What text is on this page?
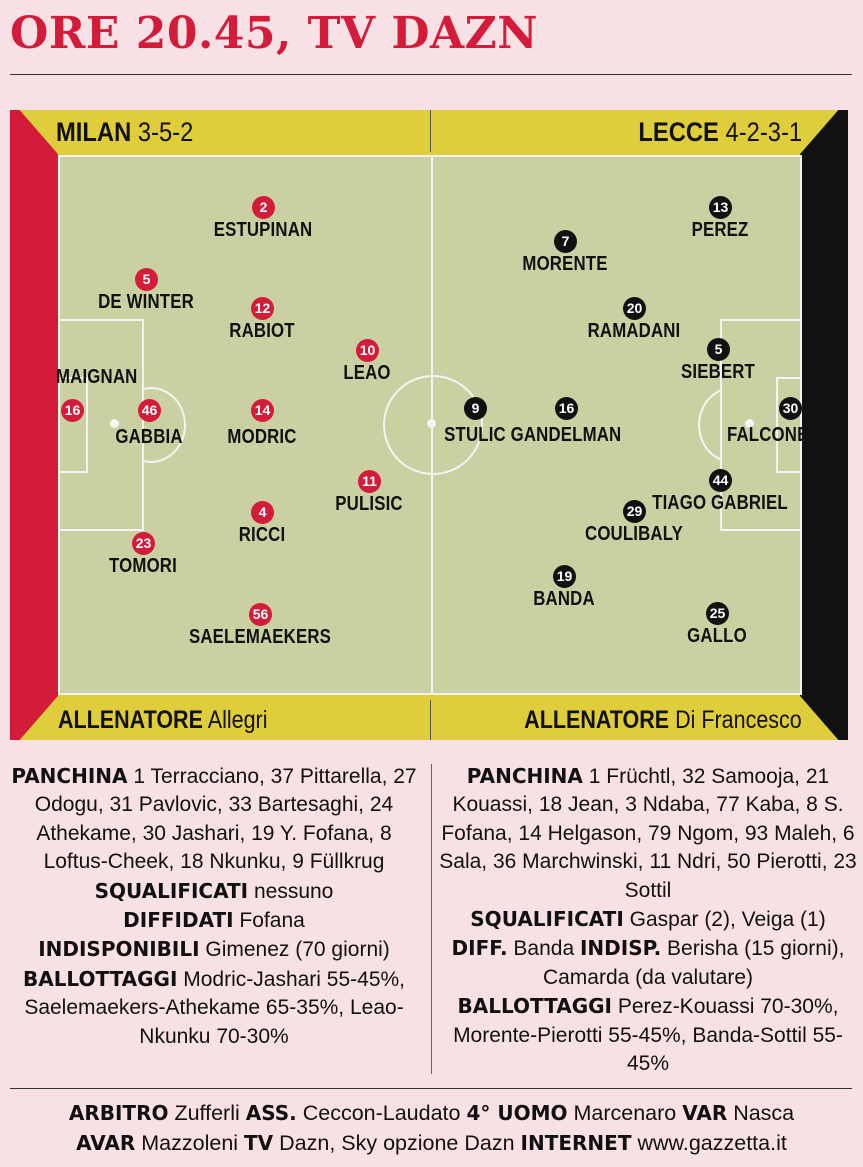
ORE 20.45, TV DAZN
MILAN 3-5-2	LECCE 4-2-3-1
2
ESTUPINAN
5
DE WINTER	12
RABIOT
10
LEAO
16
MAIGNAN
46
GABBIA
14
MODRIC
11
PULISIC
4
RICCI
23
TOMORI
56
SAELEMAEKERS
13
PEREZ
7
MORENTE
20
RAMADANI
5
SIEBERT
9
STULIC
16
GANDELMAN
30
FALCONE
44
TIAGO GABRIEL
29
COULIBALY
19
BANDA
25
GALLO
ALLENATORE Allegri	ALLENATORE Di Francesco
PANCHINA 1 Terracciano, 37 Pittarella, 27 Odogu, 31 Pavlovic, 33 Bartesaghi, 24 Athekame, 30 Jashari, 19 Y. Fofana, 8 Loftus-Cheek, 18 Nkunku, 9 Füllkrug
SQUALIFICATI nessuno
DIFFIDATI Fofana
INDISPONIBILI Gimenez (70 giorni)
BALLOTTAGGI Modric-Jashari 55-45%, Saelemaekers-Athekame 65-35%, Leao-Nkunku 70-30%
PANCHINA 1 Früchtl, 32 Samooja, 21 Kouassi, 18 Jean, 3 Ndaba, 77 Kaba, 8 S. Fofana, 14 Helgason, 79 Ngom, 93 Maleh, 6 Sala, 36 Marchwinski, 11 Ndri, 50 Pierotti, 23 Sottil
SQUALIFICATI Gaspar (2), Veiga (1)
DIFF. Banda INDISP. Berisha (15 giorni), Camarda (da valutare)
BALLOTTAGGI Perez-Kouassi 70-30%, Morente-Pierotti 55-45%, Banda-Sottil 55-45%
ARBITRO Zufferli ASS. Ceccon-Laudato 4° UOMO Marcenaro VAR Nasca
AVAR Mazzoleni TV Dazn, Sky opzione Dazn INTERNET www.gazzetta.it
